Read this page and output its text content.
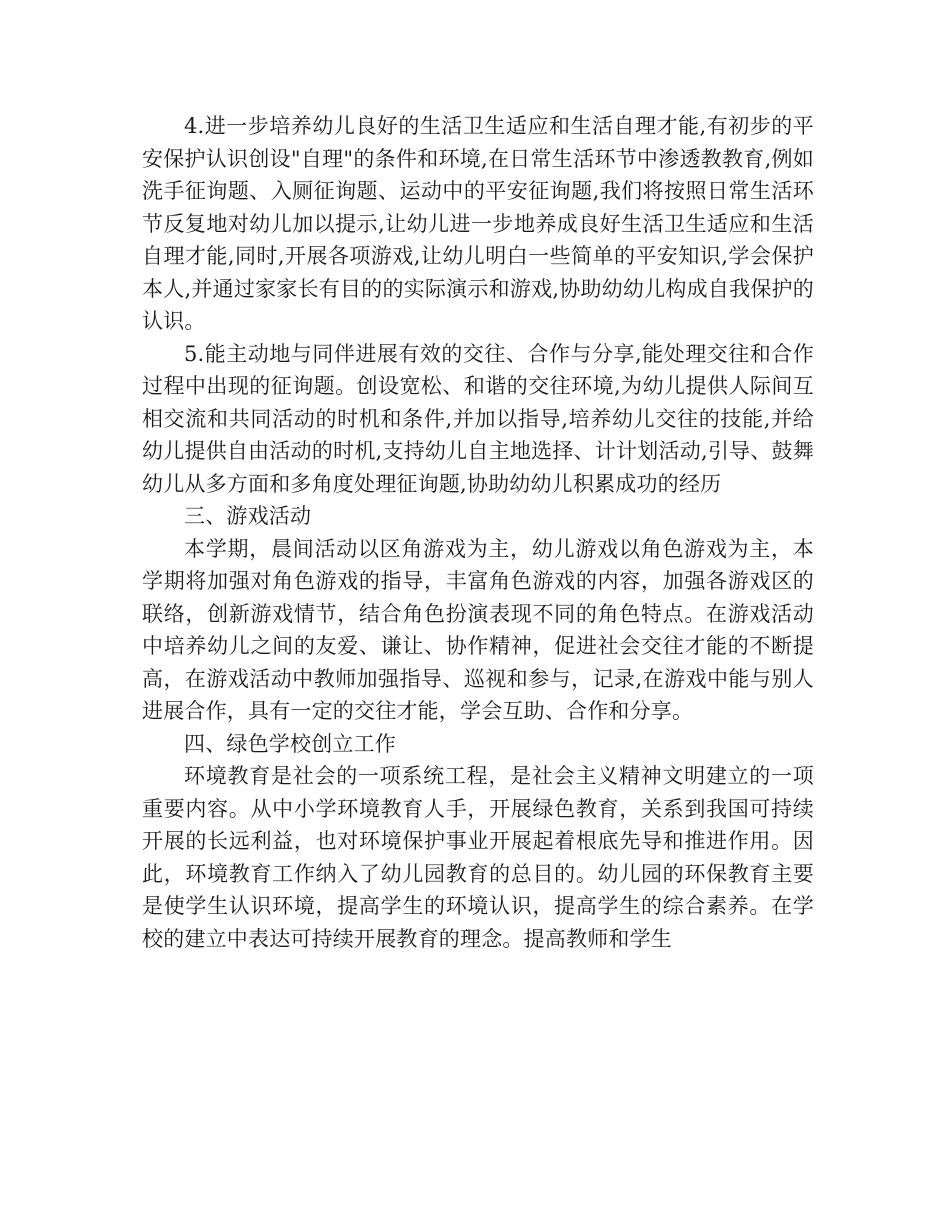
4.进一步培养幼儿良好的生活卫生适应和生活自理才能,有初步的平安保护认识创设"自理"的条件和环境,在日常生活环节中渗透教教育,例如洗手征询题、入厕征询题、运动中的平安征询题,我们将按照日常生活环节反复地对幼儿加以提示,让幼儿进一步地养成良好生活卫生适应和生活自理才能,同时,开展各项游戏,让幼儿明白一些简单的平安知识,学会保护本人,并通过家家长有目的的实际演示和游戏,协助幼幼儿构成自我保护的认识。

5.能主动地与同伴进展有效的交往、合作与分享,能处理交往和合作过程中出现的征询题。创设宽松、和谐的交往环境,为幼儿提供人际间互相交流和共同活动的时机和条件,并加以指导,培养幼儿交往的技能,并给幼儿提供自由活动的时机,支持幼儿自主地选择、计计划活动,引导、鼓舞幼儿从多方面和多角度处理征询题,协助幼幼儿积累成功的经历

三、游戏活动

本学期，晨间活动以区角游戏为主，幼儿游戏以角色游戏为主，本学期将加强对角色游戏的指导，丰富角色游戏的内容，加强各游戏区的联络，创新游戏情节，结合角色扮演表现不同的角色特点。在游戏活动中培养幼儿之间的友爱、谦让、协作精神，促进社会交往才能的不断提高，在游戏活动中教师加强指导、巡视和参与，记录,在游戏中能与别人进展合作，具有一定的交往才能，学会互助、合作和分享。

四、绿色学校创立工作

环境教育是社会的一项系统工程，是社会主义精神文明建立的一项重要内容。从中小学环境教育人手，开展绿色教育，关系到我国可持续开展的长远利益，也对环境保护事业开展起着根底先导和推进作用。因此，环境教育工作纳入了幼儿园教育的总目的。幼儿园的环保教育主要是使学生认识环境，提高学生的环境认识，提高学生的综合素养。在学校的建立中表达可持续开展教育的理念。提高教师和学生
